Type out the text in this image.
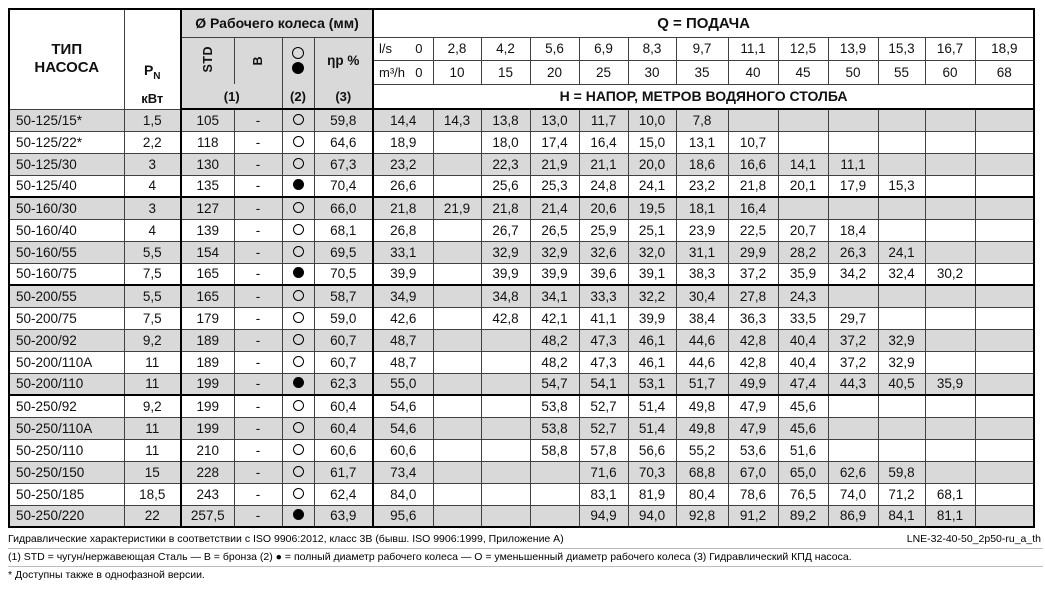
ТИП
НАСОСА	$P_N$
кВт
	Ø Рабочего колеса (мм)	Q = ПОДАЧА
		STD	B		ηp %	l/s 0	2,8	4,2	5,6	6,9	8,3	9,7	11,1	12,5	13,9	15,3	16,7	18,9

						m³/h 0	10	15	20	25	30	35	40	45	50	55	60	68
		(1)		(2)	(3)	Н = НАПОР, МЕТРОВ ВОДЯНОГО СТОЛБА												
50-125/15*	1,5	105	-		59,8	14,4	14,3	13,8	13,0	11,7	10,0	7,8						
50-125/22*	2,2	118	-		64,6	18,9		18,0	17,4	16,4	15,0	13,1	10,7					
50-125/30	3	130	-		67,3	23,2		22,3	21,9	21,1	20,0	18,6	16,6	14,1	11,1			
50-125/40	4	135	-		70,4	26,6		25,6	25,3	24,8	24,1	23,2	21,8	20,1	17,9	15,3		
50-160/30	3	127	-		66,0	21,8	21,9	21,8	21,4	20,6	19,5	18,1	16,4					
50-160/40	4	139	-		68,1	26,8		26,7	26,5	25,9	25,1	23,9	22,5	20,7	18,4			
50-160/55	5,5	154	-		69,5	33,1		32,9	32,9	32,6	32,0	31,1	29,9	28,2	26,3	24,1		
50-160/75	7,5	165	-		70,5	39,9		39,9	39,9	39,6	39,1	38,3	37,2	35,9	34,2	32,4	30,2	
50-200/55	5,5	165	-		58,7	34,9		34,8	34,1	33,3	32,2	30,4	27,8	24,3				
50-200/75	7,5	179	-		59,0	42,6		42,8	42,1	41,1	39,9	38,4	36,3	33,5	29,7			
50-200/92	9,2	189	-		60,7	48,7			48,2	47,3	46,1	44,6	42,8	40,4	37,2	32,9		
50-200/110A	11	189	-		60,7	48,7			48,2	47,3	46,1	44,6	42,8	40,4	37,2	32,9		
50-200/110	11	199	-		62,3	55,0			54,7	54,1	53,1	51,7	49,9	47,4	44,3	40,5	35,9	
50-250/92	9,2	199	-		60,4	54,6			53,8	52,7	51,4	49,8	47,9	45,6				
50-250/110A	11	199	-		60,4	54,6			53,8	52,7	51,4	49,8	47,9	45,6				
50-250/110	11	210	-		60,6	60,6			58,8	57,8	56,6	55,2	53,6	51,6				
50-250/150	15	228	-		61,7	73,4				71,6	70,3	68,8	67,0	65,0	62,6	59,8		
50-250/185	18,5	243	-		62,4	84,0				83,1	81,9	80,4	78,6	76,5	74,0	71,2	68,1	
50-250/220	22	257,5	-		63,9	95,6				94,9	94,0	92,8	91,2	89,2	86,9	84,1	81,1	
Гидравлические характеристики в соответствии с ISO 9906:2012, класс 3B (бывш. ISO 9906:1999, Приложение A)	LNE-32-40-50_2p50-ru_a_th
(1) STD = чугун/нержавеющая Сталь — B = бронза (2) ● = полный диаметр рабочего колеса — O = уменьшенный диаметр рабочего колеса (3) Гидравлический КПД насоса.
* Доступны также в однофазной версии.
